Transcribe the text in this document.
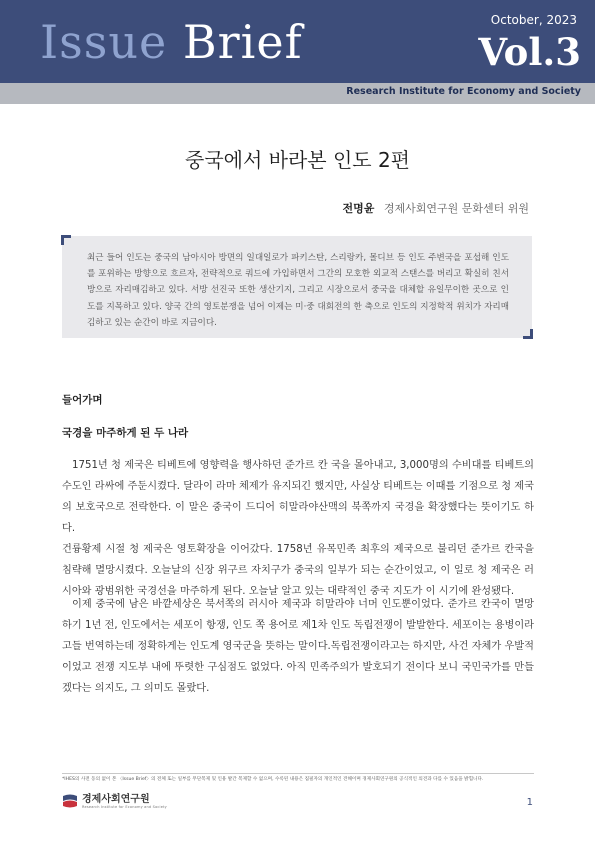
Issue Brief	October, 2023
Vol.3
Research Institute for Economy and Society
중국에서 바라본 인도 2편
전명윤 경제사회연구원 문화센터 위원

최근 들어 인도는 중국의 남아시아 방면의 일대일로가 파키스탄, 스리랑카, 몰디브 등 인도 주변국을 포섭해 인도를 포위하는 방향으로 흐르자, 전략적으로 쿼드에 가입하면서 그간의 모호한 외교적 스탠스를 버리고 확실히 친서방으로 자리매김하고 있다. 서방 선진국 또한 생산기지, 그리고 시장으로서 중국을 대체할 유일무이한 곳으로 인도를 지목하고 있다. 양국 간의 영토분쟁을 넘어 이제는 미·중 대회전의 한 축으로 인도의 지정학적 위치가 자리매김하고 있는 순간이 바로 지금이다.

들어가며
국경을 마주하게 된 두 나라

1751년 청 제국은 티베트에 영향력을 행사하던 준가르 칸 국을 몰아내고, 3,000명의 수비대를 티베트의 수도인 라싸에 주둔시켰다. 달라이 라마 체제가 유지되긴 했지만, 사실상 티베트는 이때를 기점으로 청 제국의 보호국으로 전락한다. 이 말은 중국이 드디어 히말라야산맥의 북쪽까지 국경을 확장했다는 뜻이기도 하다.

건륭황제 시절 청 제국은 영토확장을 이어갔다. 1758년 유목민족 최후의 제국으로 불리던 준가르 칸국을 침략해 멸망시켰다. 오늘날의 신장 위구르 자치구가 중국의 일부가 되는 순간이었고, 이 일로 청 제국은 러시아와 광범위한 국경선을 마주하게 된다. 오늘날 알고 있는 대략적인 중국 지도가 이 시기에 완성됐다.

이제 중국에 남은 바깥세상은 북서쪽의 러시아 제국과 히말라야 너머 인도뿐이었다. 준가르 칸국이 멸망하기 1년 전, 인도에서는 세포이 항쟁, 인도 쪽 용어로 제1차 인도 독립전쟁이 발발한다. 세포이는 용병이라고들 번역하는데 정확하게는 인도계 영국군을 뜻하는 말이다.독립전쟁이라고는 하지만, 사건 자체가 우발적이었고 전쟁 지도부 내에 뚜렷한 구심점도 없었다. 아직 민족주의가 발호되기 전이다 보니 국민국가를 만들겠다는 의지도, 그 의미도 몰랐다.

*IHES의 사전 동의 없이 본 〈Issue Brief〉의 전체 또는 일부를 무단복제 및 인용 발간 복제할 수 없으며, 수록된 내용은 집필자의 개인적인 견해이며 경제사회연구원의 공식적인 의견과 다를 수 있음을 밝힙니다.
경제사회연구원
Research Institute for Economy and Society	1
